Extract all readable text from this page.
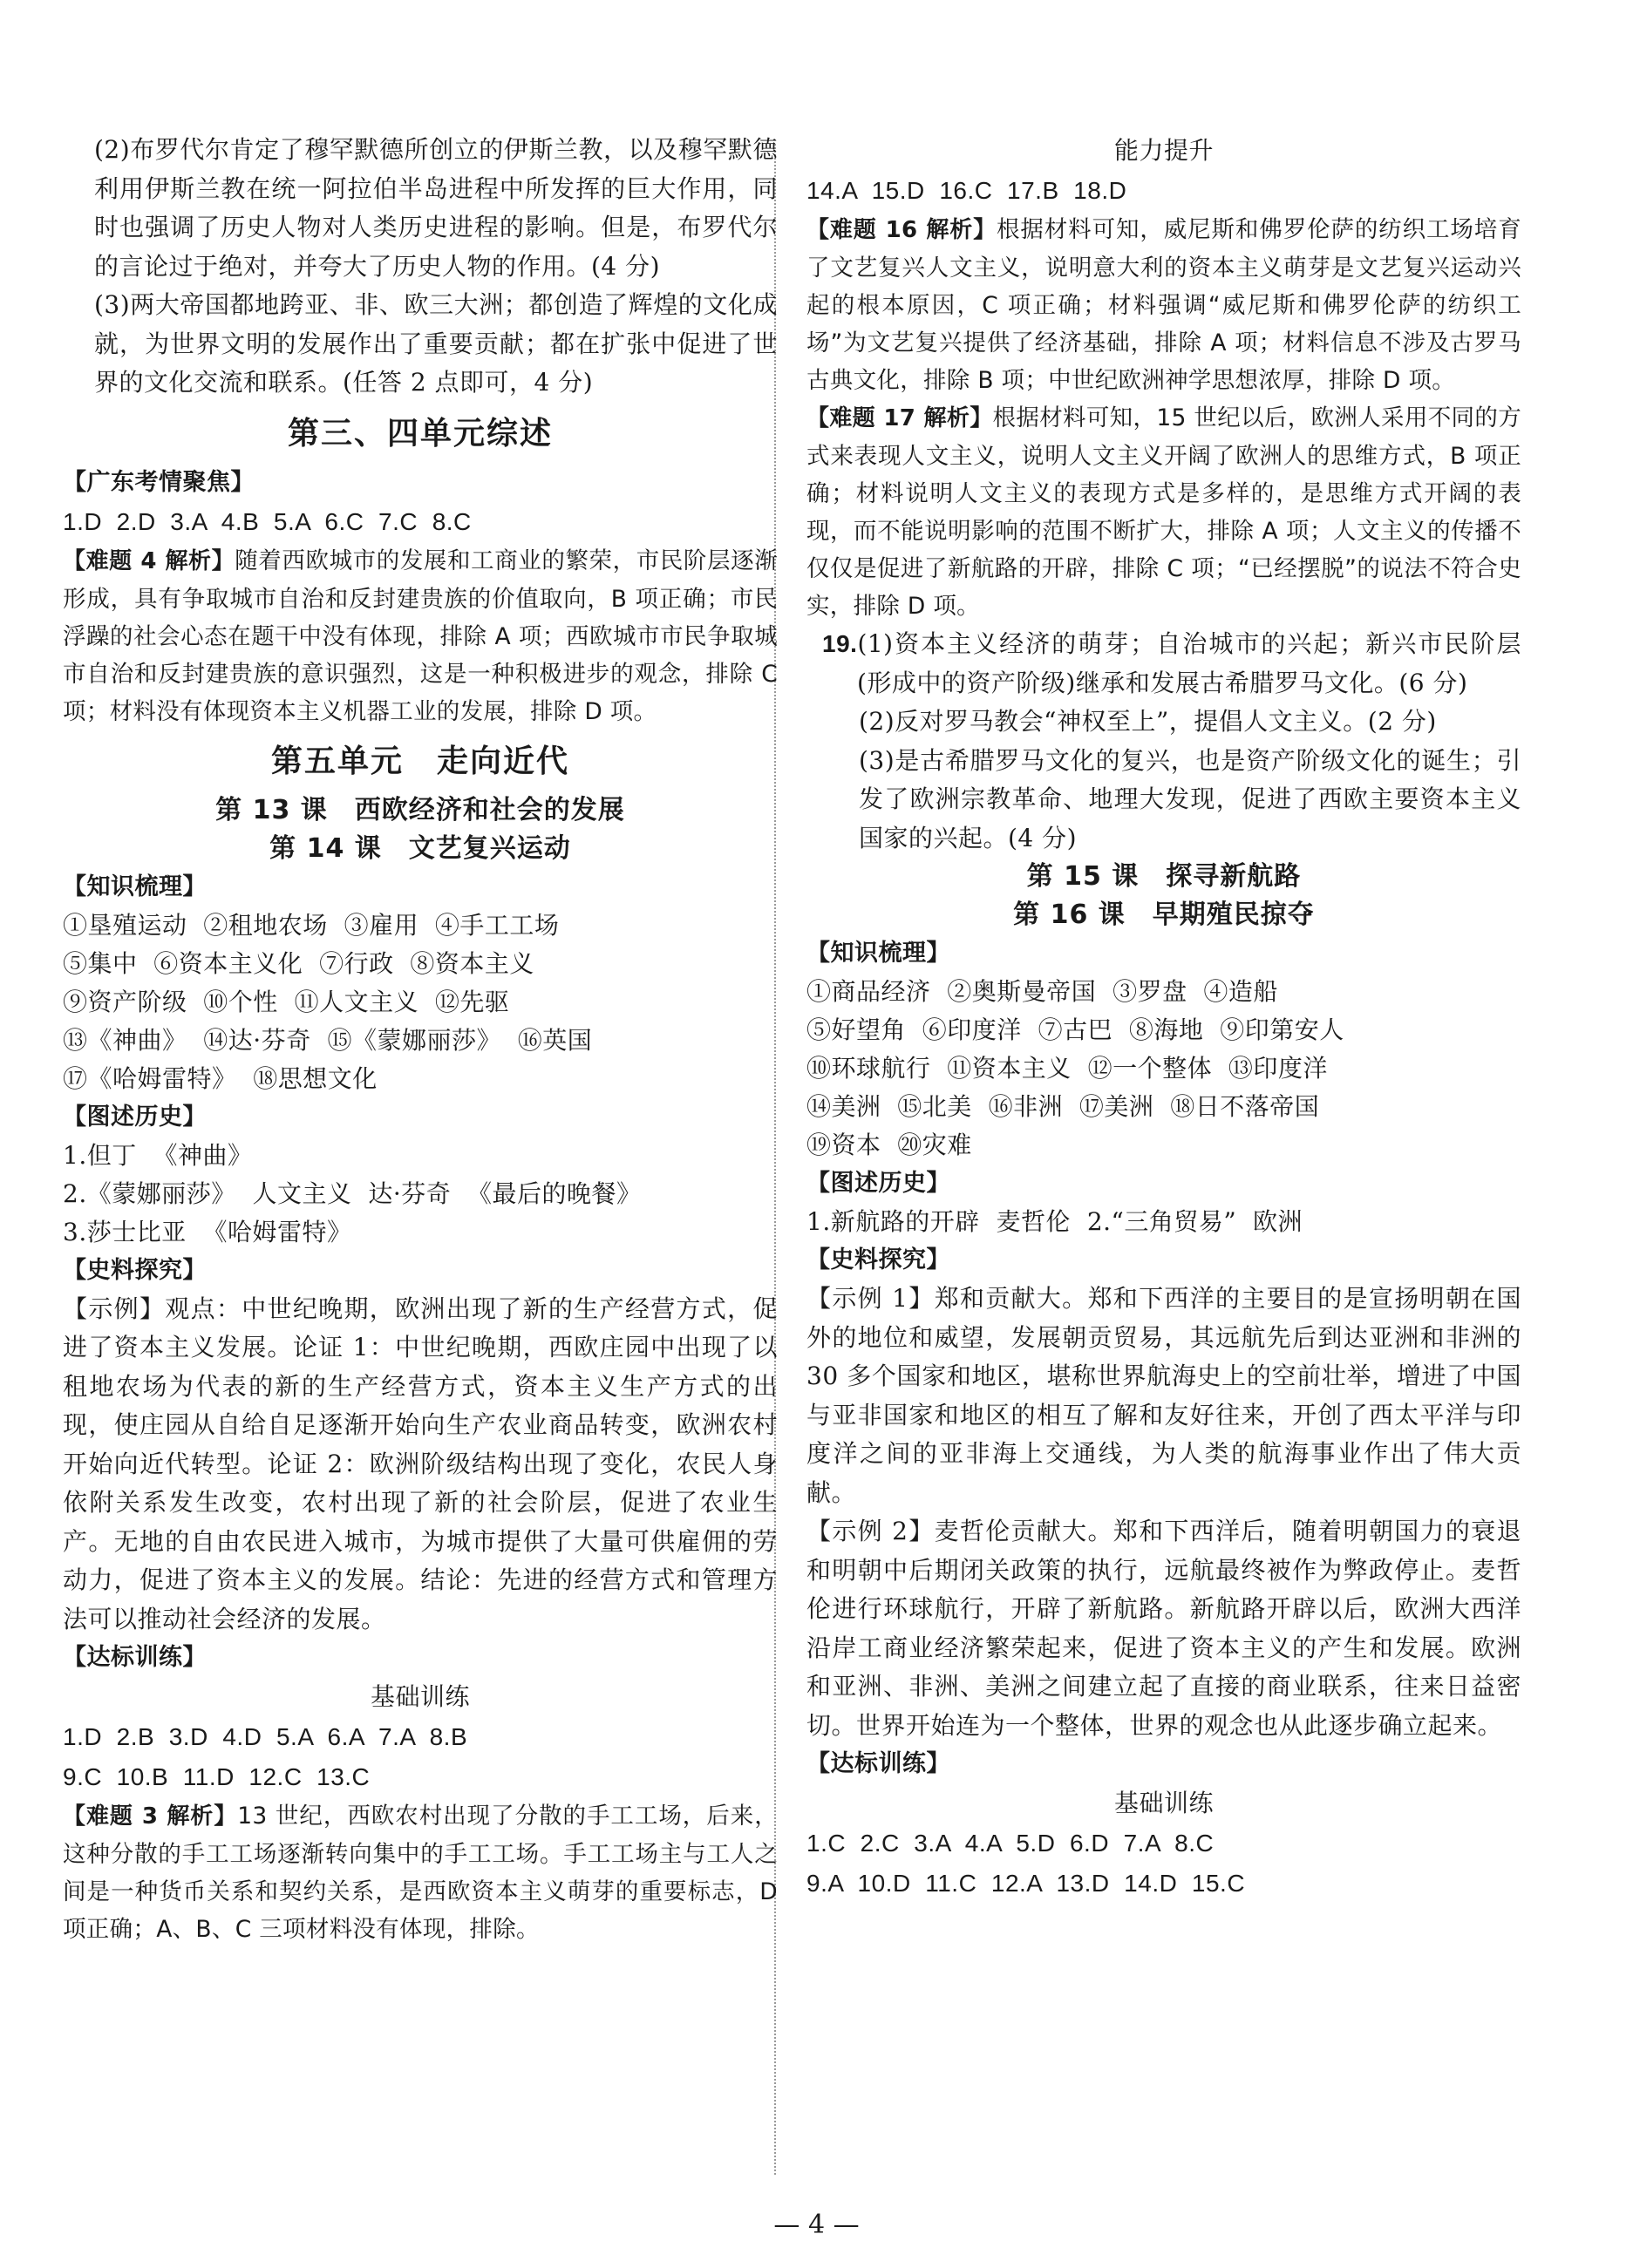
(2)布罗代尔肯定了穆罕默德所创立的伊斯兰教，以及穆罕默德利用伊斯兰教在统一阿拉伯半岛进程中所发挥的巨大作用，同时也强调了历史人物对人类历史进程的影响。但是，布罗代尔的言论过于绝对，并夸大了历史人物的作用。(4 分)

(3)两大帝国都地跨亚、非、欧三大洲；都创造了辉煌的文化成就，为世界文明的发展作出了重要贡献；都在扩张中促进了世界的文化交流和联系。(任答 2 点即可，4 分)

第三、四单元综述
【广东考情聚焦】
1.D  2.D  3.A  4.B  5.A  6.C  7.C  8.C

【难题 4 解析】随着西欧城市的发展和工商业的繁荣，市民阶层逐渐形成，具有争取城市自治和反封建贵族的价值取向，B 项正确；市民浮躁的社会心态在题干中没有体现，排除 A 项；西欧城市市民争取城市自治和反封建贵族的意识强烈，这是一种积极进步的观念，排除 C 项；材料没有体现资本主义机器工业的发展，排除 D 项。

第五单元　走向近代
第 13 课　西欧经济和社会的发展
第 14 课　文艺复兴运动
【知识梳理】
①垦殖运动  ②租地农场  ③雇用  ④手工工场
⑤集中  ⑥资本主义化  ⑦行政  ⑧资本主义
⑨资产阶级  ⑩个性  ⑪人文主义  ⑫先驱
⑬《神曲》  ⑭达·芬奇  ⑮《蒙娜丽莎》  ⑯英国
⑰《哈姆雷特》  ⑱思想文化
【图述历史】
1.但丁  《神曲》
2.《蒙娜丽莎》  人文主义  达·芬奇  《最后的晚餐》
3.莎士比亚  《哈姆雷特》
【史料探究】

【示例】观点：中世纪晚期，欧洲出现了新的生产经营方式，促进了资本主义发展。论证 1：中世纪晚期，西欧庄园中出现了以租地农场为代表的新的生产经营方式，资本主义生产方式的出现，使庄园从自给自足逐渐开始向生产农业商品转变，欧洲农村开始向近代转型。论证 2：欧洲阶级结构出现了变化，农民人身依附关系发生改变，农村出现了新的社会阶层，促进了农业生产。无地的自由农民进入城市，为城市提供了大量可供雇佣的劳动力，促进了资本主义的发展。结论：先进的经营方式和管理方法可以推动社会经济的发展。

【达标训练】
基础训练
1.D  2.B  3.D  4.D  5.A  6.A  7.A  8.B
9.C  10.B  11.D  12.C  13.C

【难题 3 解析】13 世纪，西欧农村出现了分散的手工工场，后来，这种分散的手工工场逐渐转向集中的手工工场。手工工场主与工人之间是一种货币关系和契约关系，是西欧资本主义萌芽的重要标志，D 项正确；A、B、C 三项材料没有体现，排除。

能力提升
14.A  15.D  16.C  17.B  18.D

【难题 16 解析】根据材料可知，威尼斯和佛罗伦萨的纺织工场培育了文艺复兴人文主义，说明意大利的资本主义萌芽是文艺复兴运动兴起的根本原因，C 项正确；材料强调“威尼斯和佛罗伦萨的纺织工场”为文艺复兴提供了经济基础，排除 A 项；材料信息不涉及古罗马古典文化，排除 B 项；中世纪欧洲神学思想浓厚，排除 D 项。

【难题 17 解析】根据材料可知，15 世纪以后，欧洲人采用不同的方式来表现人文主义，说明人文主义开阔了欧洲人的思维方式，B 项正确；材料说明人文主义的表现方式是多样的，是思维方式开阔的表现，而不能说明影响的范围不断扩大，排除 A 项；人文主义的传播不仅仅是促进了新航路的开辟，排除 C 项；“已经摆脱”的说法不符合史实，排除 D 项。

19.(1)资本主义经济的萌芽；自治城市的兴起；新兴市民阶层(形成中的资产阶级)继承和发展古希腊罗马文化。(6 分)

(2)反对罗马教会“神权至上”，提倡人文主义。(2 分)

(3)是古希腊罗马文化的复兴，也是资产阶级文化的诞生；引发了欧洲宗教革命、地理大发现，促进了西欧主要资本主义国家的兴起。(4 分)

第 15 课　探寻新航路
第 16 课　早期殖民掠夺
【知识梳理】
①商品经济  ②奥斯曼帝国  ③罗盘  ④造船
⑤好望角  ⑥印度洋  ⑦古巴  ⑧海地  ⑨印第安人
⑩环球航行  ⑪资本主义  ⑫一个整体  ⑬印度洋
⑭美洲  ⑮北美  ⑯非洲  ⑰美洲  ⑱日不落帝国
⑲资本  ⑳灾难
【图述历史】
1.新航路的开辟  麦哲伦  2.“三角贸易”  欧洲
【史料探究】

【示例 1】郑和贡献大。郑和下西洋的主要目的是宣扬明朝在国外的地位和威望，发展朝贡贸易，其远航先后到达亚洲和非洲的 30 多个国家和地区，堪称世界航海史上的空前壮举，增进了中国与亚非国家和地区的相互了解和友好往来，开创了西太平洋与印度洋之间的亚非海上交通线，为人类的航海事业作出了伟大贡献。

【示例 2】麦哲伦贡献大。郑和下西洋后，随着明朝国力的衰退和明朝中后期闭关政策的执行，远航最终被作为弊政停止。麦哲伦进行环球航行，开辟了新航路。新航路开辟以后，欧洲大西洋沿岸工商业经济繁荣起来，促进了资本主义的产生和发展。欧洲和亚洲、非洲、美洲之间建立起了直接的商业联系，往来日益密切。世界开始连为一个整体，世界的观念也从此逐步确立起来。

【达标训练】
基础训练
1.C  2.C  3.A  4.A  5.D  6.D  7.A  8.C
9.A  10.D  11.C  12.A  13.D  14.D  15.C
— 4 —
